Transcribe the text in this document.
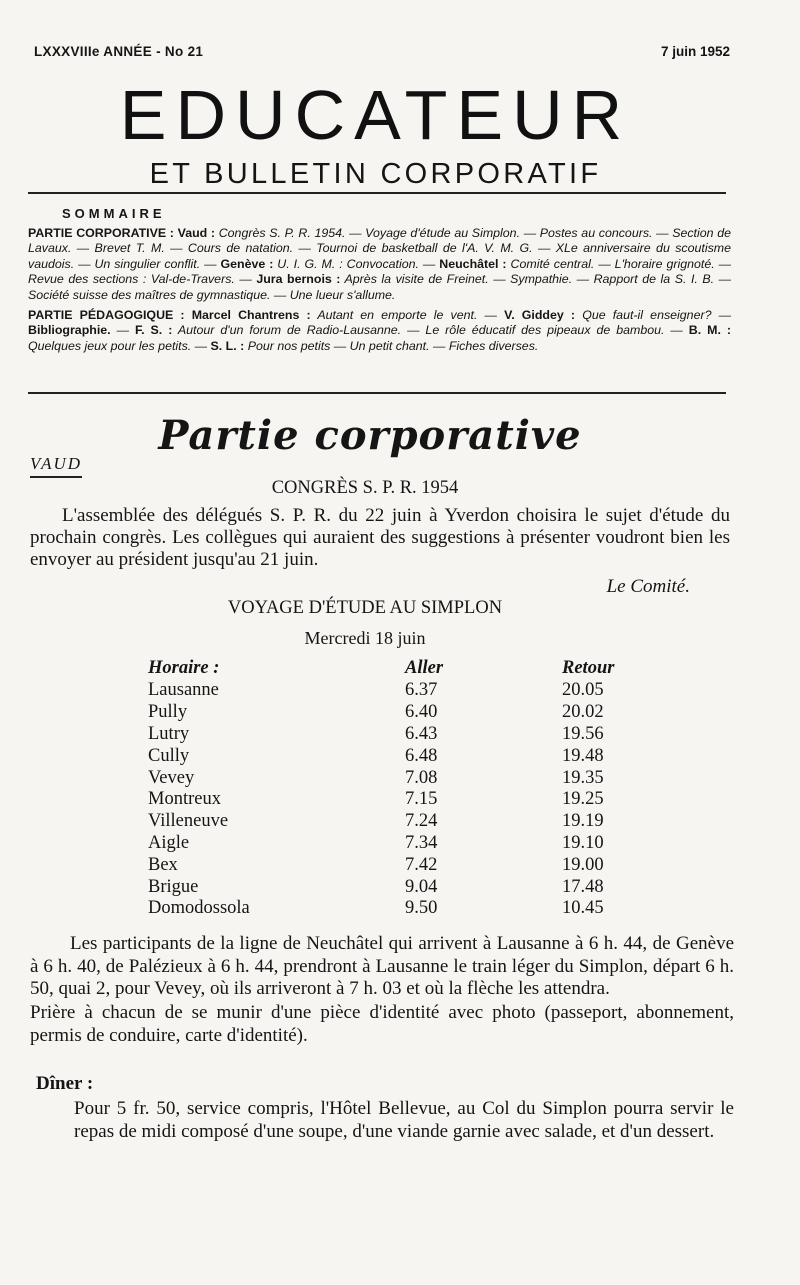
LXXXVIIIe ANNÉE - No 21	7 juin 1952
EDUCATEUR
ET BULLETIN CORPORATIF
SOMMAIRE

PARTIE CORPORATIVE : Vaud : Congrès S. P. R. 1954. — Voyage d'étude au Simplon. — Postes au concours. — Section de Lavaux. — Brevet T. M. — Cours de natation. — Tournoi de basketball de l'A. V. M. G. — XLe anniversaire du scoutisme vaudois. — Un singulier conflit. — Genève : U. I. G. M. : Convocation. — Neuchâtel : Comité central. — L'horaire grignoté. — Revue des sections : Val-de-Travers. — Jura bernois : Après la visite de Freinet. — Sympathie. — Rapport de la S. I. B. — Société suisse des maîtres de gymnastique. — Une lueur s'allume.

PARTIE PÉDAGOGIQUE : Marcel Chantrens : Autant en emporte le vent. — V. Giddey : Que faut-il enseigner? — Bibliographie. — F. S. : Autour d'un forum de Radio-Lausanne. — Le rôle éducatif des pipeaux de bambou. — B. M. : Quelques jeux pour les petits. — S. L. : Pour nos petits — Un petit chant. — Fiches diverses.

Partie corporative
VAUD
CONGRÈS S. P. R. 1954

L'assemblée des délégués S. P. R. du 22 juin à Yverdon choisira le sujet d'étude du prochain congrès. Les collègues qui auraient des suggestions à présenter voudront bien les envoyer au président jusqu'au 21 juin.

Le Comité.
VOYAGE D'ÉTUDE AU SIMPLON
Mercredi 18 juin
Horaire :	Aller	Retour
Lausanne	6.37	20.05
Pully	6.40	20.02
Lutry	6.43	19.56
Cully	6.48	19.48
Vevey	7.08	19.35
Montreux	7.15	19.25
Villeneuve	7.24	19.19
Aigle	7.34	19.10
Bex	7.42	19.00
Brigue	9.04	17.48
Domodossola	9.50	10.45

Les participants de la ligne de Neuchâtel qui arrivent à Lausanne à 6 h. 44, de Genève à 6 h. 40, de Palézieux à 6 h. 44, prendront à Lausanne le train léger du Simplon, départ 6 h. 50, quai 2, pour Vevey, où ils arriveront à 7 h. 03 et où la flèche les attendra.

Prière à chacun de se munir d'une pièce d'identité avec photo (passeport, abonnement, permis de conduire, carte d'identité).

Dîner :

Pour 5 fr. 50, service compris, l'Hôtel Bellevue, au Col du Simplon pourra servir le repas de midi composé d'une soupe, d'une viande garnie avec salade, et d'un dessert.
